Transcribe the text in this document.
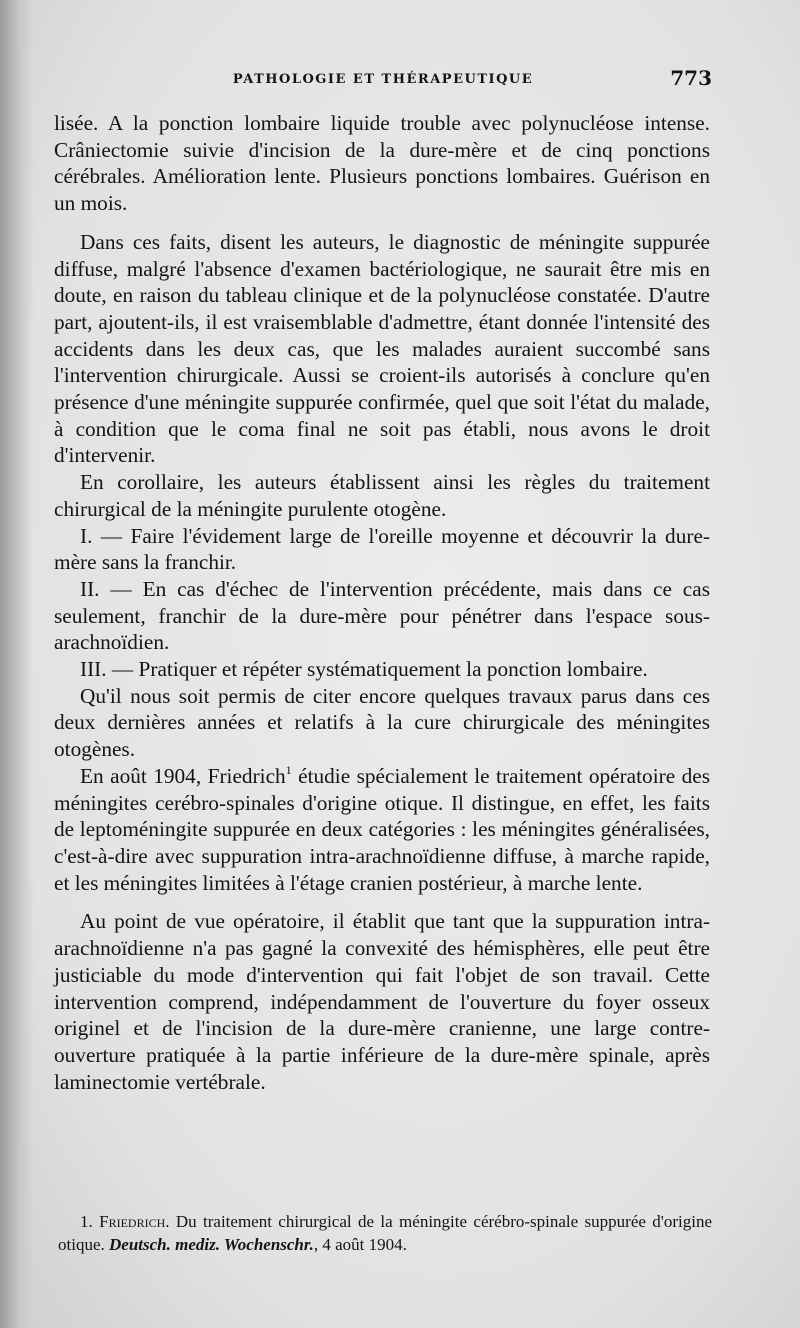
PATHOLOGIE ET THÉRAPEUTIQUE	773

lisée. A la ponction lombaire liquide trouble avec polynucléose intense. Crâniectomie suivie d'incision de la dure-mère et de cinq ponctions cérébrales. Amélioration lente. Plusieurs ponctions lombaires. Guérison en un mois.

Dans ces faits, disent les auteurs, le diagnostic de méningite suppurée diffuse, malgré l'absence d'examen bactériologique, ne saurait être mis en doute, en raison du tableau clinique et de la polynucléose constatée. D'autre part, ajoutent-ils, il est vraisemblable d'admettre, étant donnée l'intensité des accidents dans les deux cas, que les malades auraient succombé sans l'intervention chirurgicale. Aussi se croient-ils autorisés à conclure qu'en présence d'une méningite suppurée confirmée, quel que soit l'état du malade, à condition que le coma final ne soit pas établi, nous avons le droit d'intervenir.

En corollaire, les auteurs établissent ainsi les règles du traitement chirurgical de la méningite purulente otogène.

I. — Faire l'évidement large de l'oreille moyenne et découvrir la dure-mère sans la franchir.

II. — En cas d'échec de l'intervention précédente, mais dans ce cas seulement, franchir de la dure-mère pour pénétrer dans l'espace sous-arachnoïdien.

III. — Pratiquer et répéter systématiquement la ponction lombaire.

Qu'il nous soit permis de citer encore quelques travaux parus dans ces deux dernières années et relatifs à la cure chirurgicale des méningites otogènes.

En août 1904, Friedrich$^1$ étudie spécialement le traitement opératoire des méningites cerébro-spinales d'origine otique. Il distingue, en effet, les faits de leptoméningite suppurée en deux catégories : les méningites généralisées, c'est-à-dire avec suppuration intra-arachnoïdienne diffuse, à marche rapide, et les méningites limitées à l'étage cranien postérieur, à marche lente.

Au point de vue opératoire, il établit que tant que la suppuration intra-arachnoïdienne n'a pas gagné la convexité des hémisphères, elle peut être justiciable du mode d'intervention qui fait l'objet de son travail. Cette intervention comprend, indépendamment de l'ouverture du foyer osseux originel et de l'incision de la dure-mère cranienne, une large contre-ouverture pratiquée à la partie inférieure de la dure-mère spinale, après laminectomie vertébrale.

1. Friedrich. Du traitement chirurgical de la méningite cérébro-spinale suppurée d'origine otique. Deutsch. mediz. Wochenschr., 4 août 1904.
